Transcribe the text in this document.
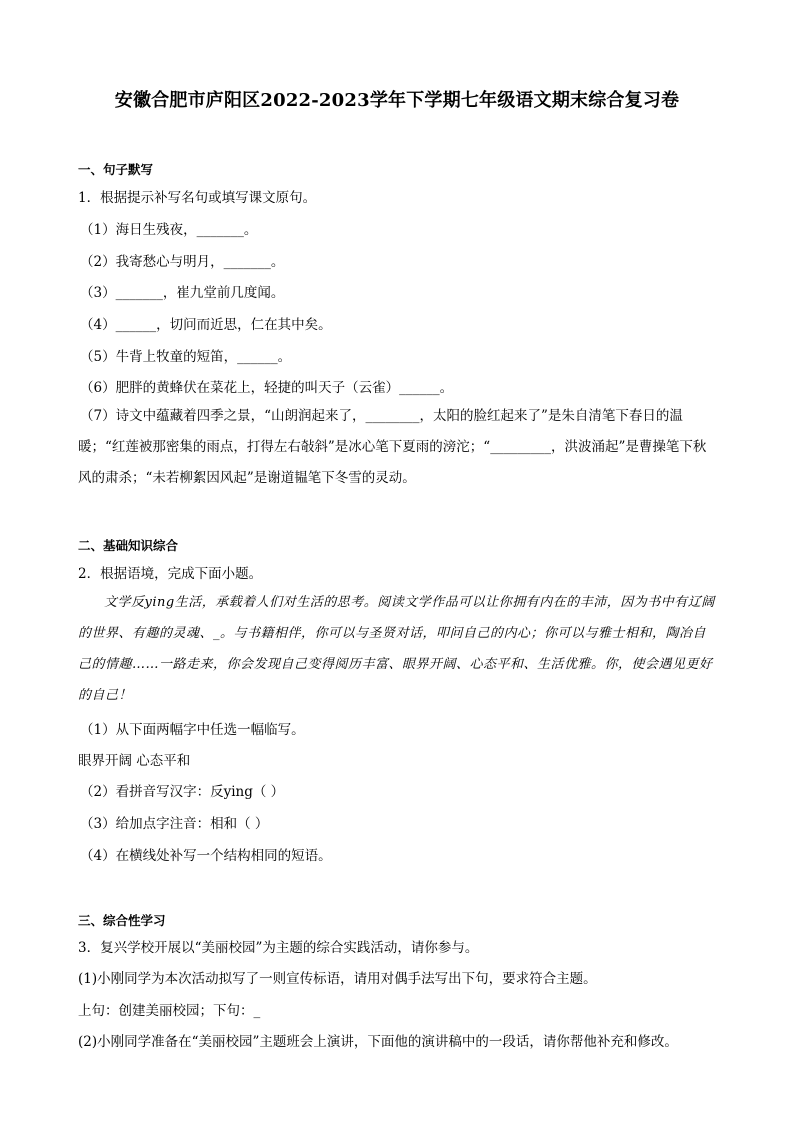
安徽合肥市庐阳区2022-2023学年下学期七年级语文期末综合复习卷
一、句子默写
1．根据提示补写名句或填写课文原句。
（1）海日生残夜，_______。
（2）我寄愁心与明月，_______。
（3）_______，崔九堂前几度闻。
（4）______，切问而近思，仁在其中矣。
（5）牛背上牧童的短笛，______。
（6）肥胖的黄蜂伏在菜花上，轻捷的叫天子（云雀）______。
（7）诗文中蕴藏着四季之景，“山朗润起来了，________，太阳的脸红起来了”是朱自清笔下春日的温暖；“红莲被那密集的雨点，打得左右敧斜”是冰心笔下夏雨的滂沱；“_________，洪波涌起”是曹操笔下秋风的肃杀；“未若柳絮因风起”是谢道韫笔下冬雪的灵动。
二、基础知识综合
2．根据语境，完成下面小题。
文学反ying生活，承载着人们对生活的思考。阅读文学作品可以让你拥有内在的丰沛，因为书中有辽阔的世界、有趣的灵魂、_。与书籍相伴，你可以与圣贤对话，叩问自己的内心；你可以与雅士相和，陶冶自己的情趣……一路走来，你会发现自己变得阅历丰富、眼界开阔、心态平和、生活优雅。你，使会遇见更好的自己！
（1）从下面两幅字中任选一幅临写。
眼界开阔 心态平和
（2）看拼音写汉字：反ying（ ）
（3）给加点字注音：相和（ ）
（4）在横线处补写一个结构相同的短语。
三、综合性学习
3．复兴学校开展以“美丽校园”为主题的综合实践活动，请你参与。
(1)小刚同学为本次活动拟写了一则宣传标语，请用对偶手法写出下句，要求符合主题。
上句：创建美丽校园；下句：_
(2)小刚同学准备在“美丽校园”主题班会上演讲，下面他的演讲稿中的一段话，请你帮他补充和修改。
